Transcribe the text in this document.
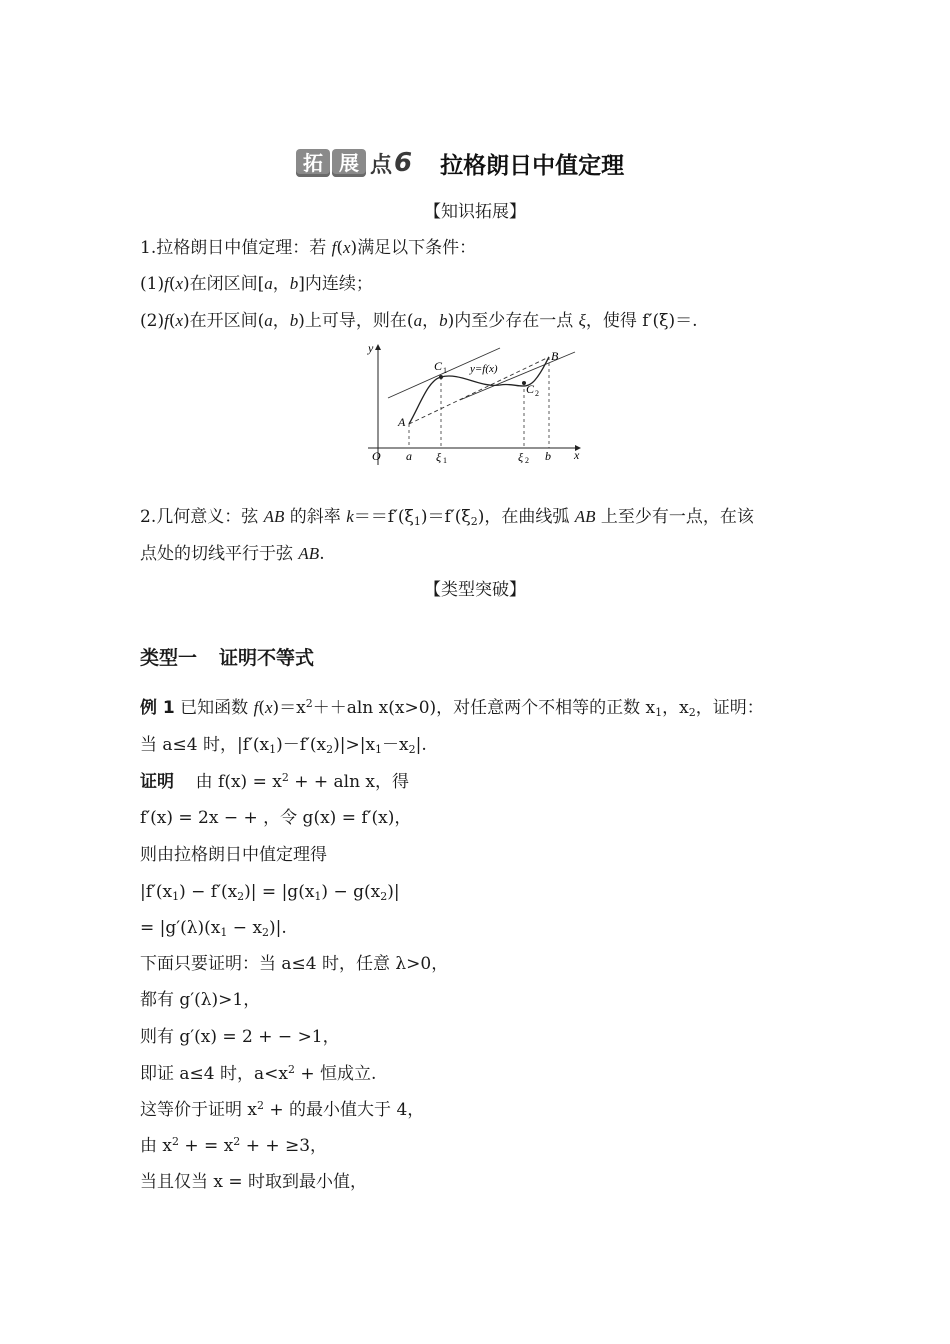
拓 展 点 6 拉格朗日中值定理
【知识拓展】
1.拉格朗日中值定理：若 f(x)满足以下条件：
(1)f(x)在闭区间[a，b]内连续；
(2)f(x)在开区间(a，b)上可导，则在(a，b)内至少存在一点 ξ，使得 f′(ξ)＝.
y
x
O
A
B
C 1
C 2
y=f(x)
a ξ 1	ξ 2 b
2.几何意义：弦 AB 的斜率 $k==f'(\xi_1)=f'(\xi_2)$，在曲线弧 AB 上至少有一点，在该
点处的切线平行于弦 AB.
【类型突破】
类型一 证明不等式
例 1 已知函数 $f(x)=x^2++aln$ x(x>0)，对任意两个不相等的正数 $x_1$，$x_2$，证明：
当 a≤4 时，$|f'(x_1)-f'(x_2)|>|x_1-x_2|$.
证明 由 $f(x) = x^2$ + + aln x，得
f′(x) = 2x − + ，令 g(x) = f′(x)，
则由拉格朗日中值定理得
$|f'(x_1) - f'(x_2)| = |g(x_1) - g(x_2)|$
= $|g'(\lambda)(x_1 - x_2)|$.
下面只要证明：当 a≤4 时，任意 λ>0，
都有 g′(λ)>1，
则有 g′(x) = 2 + − >1，
即证 a≤4 时，$a<x^2$ + 恒成立.
这等价于证明 $x^2$ + 的最小值大于 4，
由 $x^2$ + = $x^2$ + + ≥3，
当且仅当 x = 时取到最小值，
